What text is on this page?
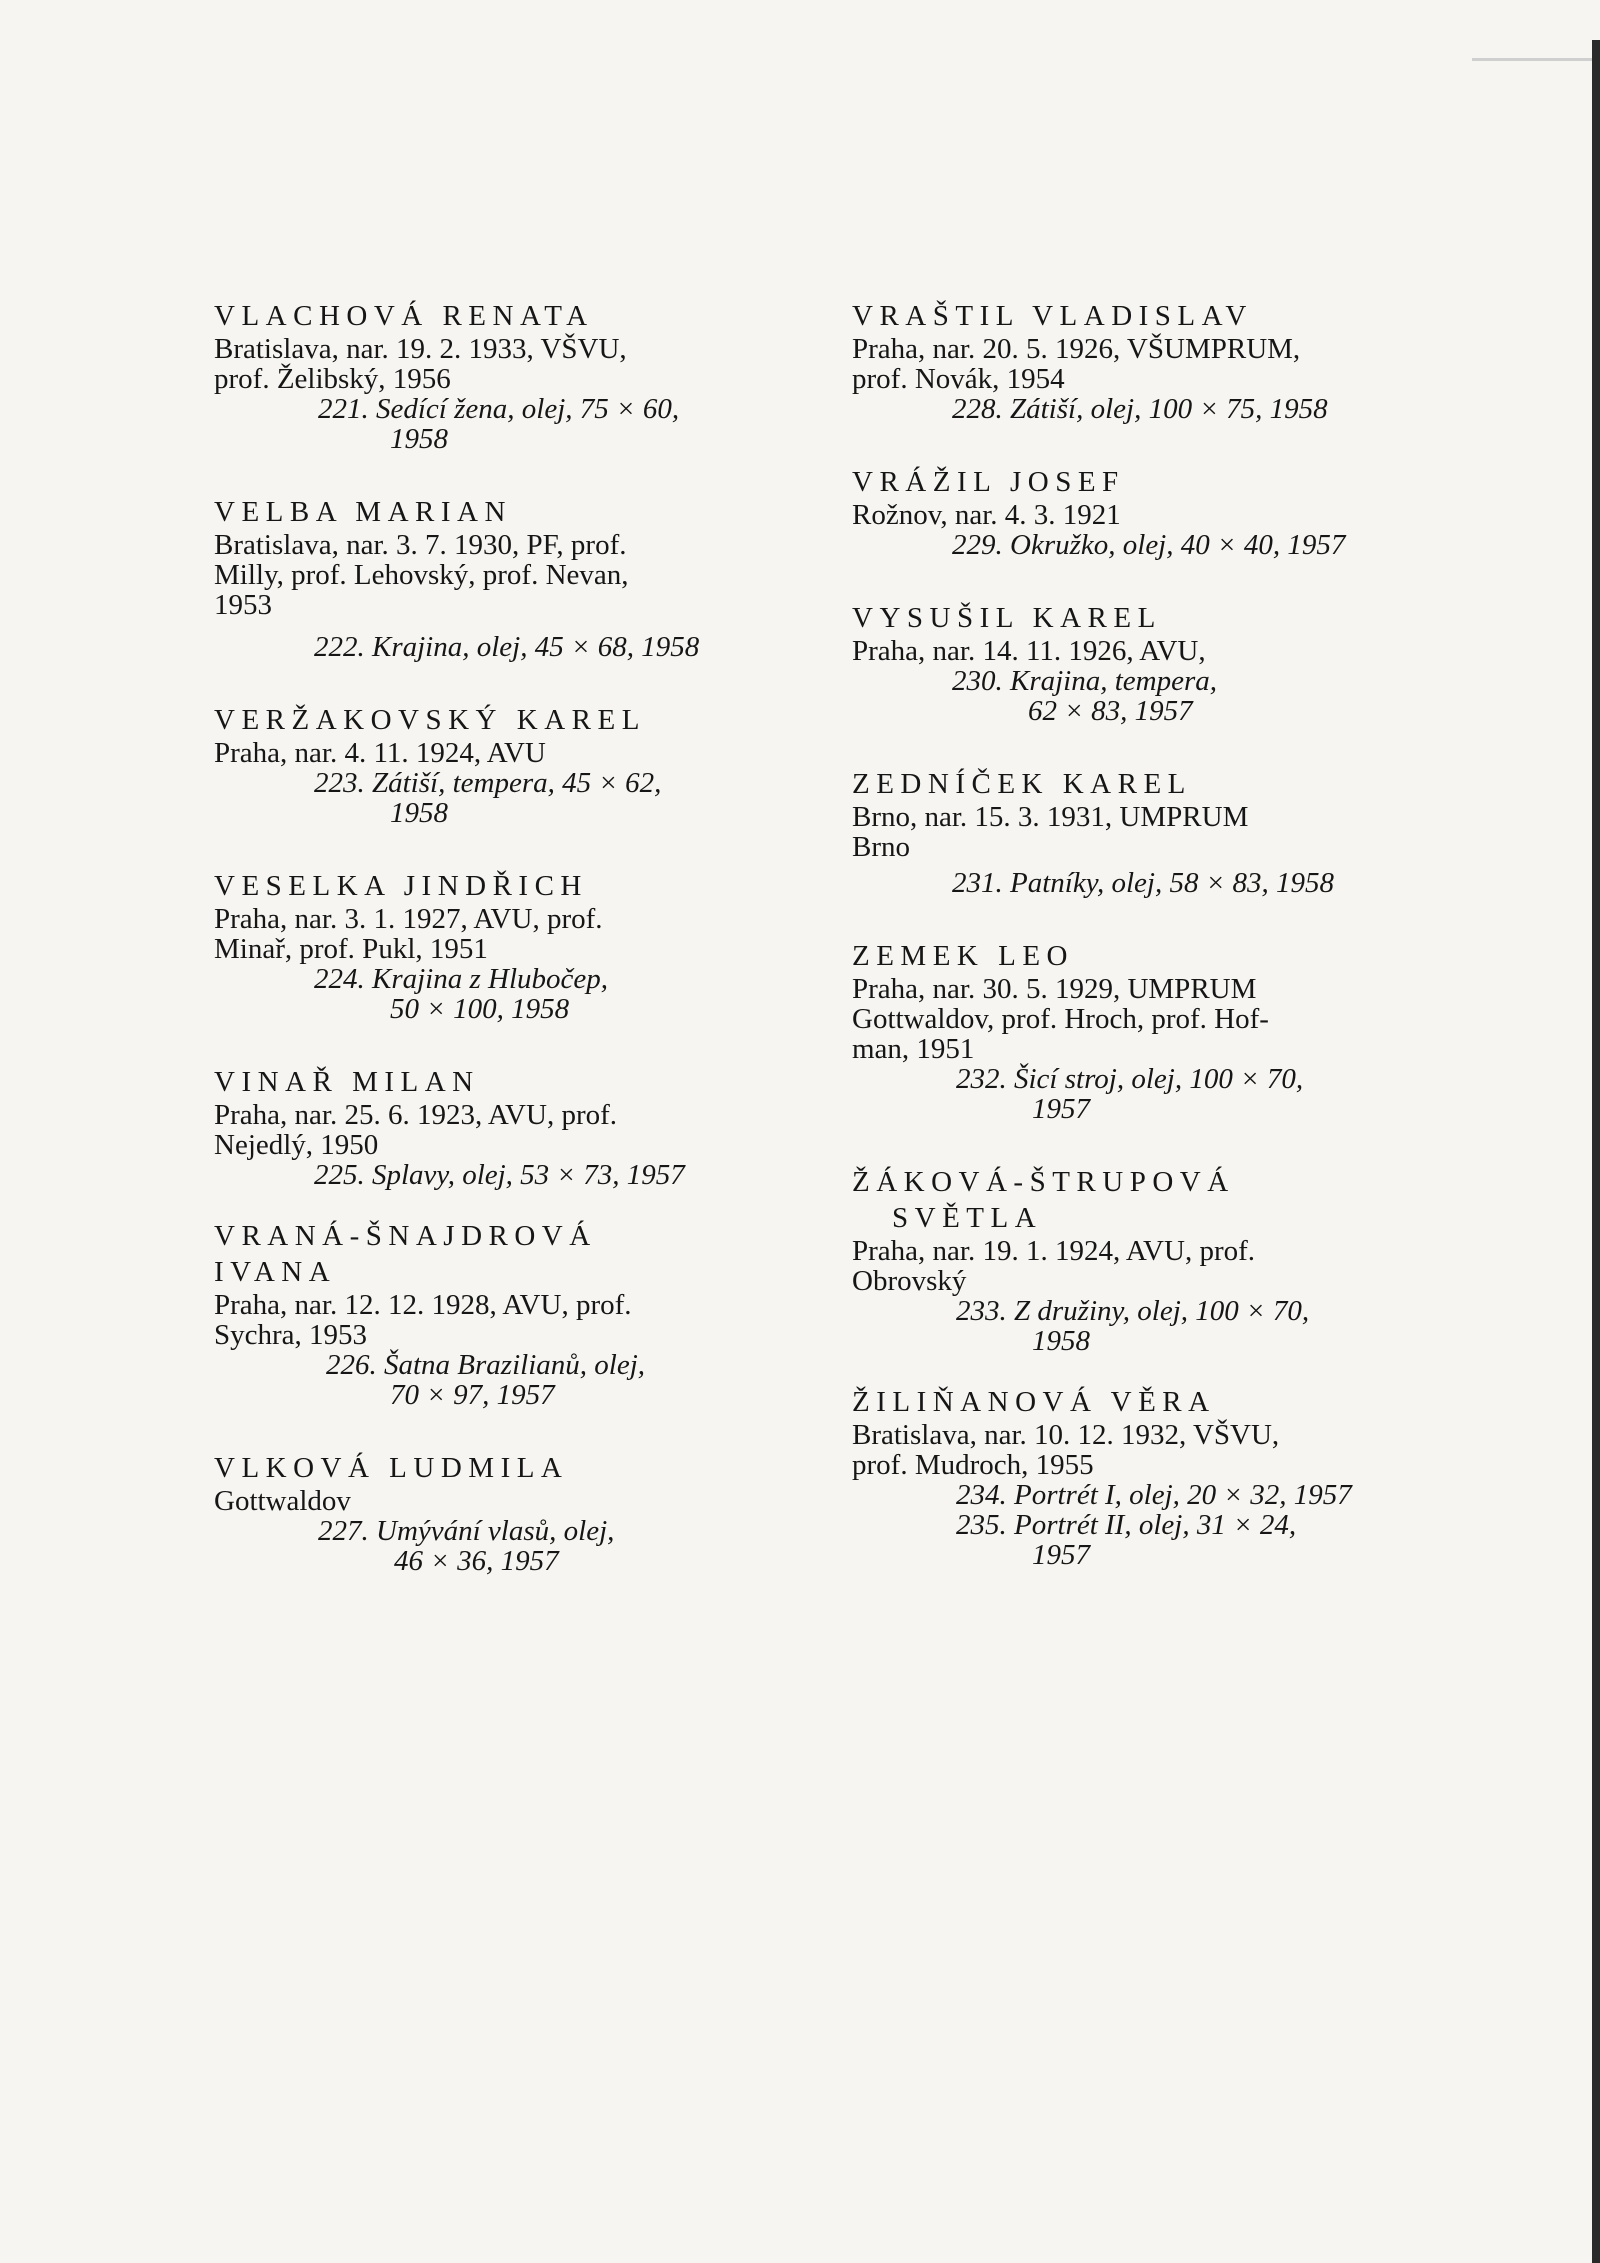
VLACHOVÁ RENATA

Bratislava, nar. 19. 2. 1933, VŠVU,

prof. Želibský, 1956

221. Sedící žena, olej, 75 × 60,

1958

VELBA MARIAN

Bratislava, nar. 3. 7. 1930, PF, prof.

Milly, prof. Lehovský, prof. Nevan,

1953

222. Krajina, olej, 45 × 68, 1958

VERŽAKOVSKÝ KAREL

Praha, nar. 4. 11. 1924, AVU

223. Zátiší, tempera, 45 × 62,

1958

VESELKA JINDŘICH

Praha, nar. 3. 1. 1927, AVU, prof.

Minař, prof. Pukl, 1951

224. Krajina z Hlubočep,

50 × 100, 1958

VINAŘ MILAN

Praha, nar. 25. 6. 1923, AVU, prof.

Nejedlý, 1950

225. Splavy, olej, 53 × 73, 1957

VRANÁ-ŠNAJDROVÁ

IVANA

Praha, nar. 12. 12. 1928, AVU, prof.

Sychra, 1953

226. Šatna Brazilianů, olej,

70 × 97, 1957

VLKOVÁ LUDMILA

Gottwaldov

227. Umývání vlasů, olej,

46 × 36, 1957

VRAŠTIL VLADISLAV

Praha, nar. 20. 5. 1926, VŠUMPRUM,

prof. Novák, 1954

228. Zátiší, olej, 100 × 75, 1958

VRÁŽIL JOSEF

Rožnov, nar. 4. 3. 1921

229. Okružko, olej, 40 × 40, 1957

VYSUŠIL KAREL

Praha, nar. 14. 11. 1926, AVU,

230. Krajina, tempera,

62 × 83, 1957

ZEDNÍČEK KAREL

Brno, nar. 15. 3. 1931, UMPRUM

Brno

231. Patníky, olej, 58 × 83, 1958

ZEMEK LEO

Praha, nar. 30. 5. 1929, UMPRUM

Gottwaldov, prof. Hroch, prof. Hof-

man, 1951

232. Šicí stroj, olej, 100 × 70,

1957

ŽÁKOVÁ-ŠTRUPOVÁ

SVĚTLA

Praha, nar. 19. 1. 1924, AVU, prof.

Obrovský

233. Z družiny, olej, 100 × 70,

1958

ŽILIŇANOVÁ VĚRA

Bratislava, nar. 10. 12. 1932, VŠVU,

prof. Mudroch, 1955

234. Portrét I, olej, 20 × 32, 1957

235. Portrét II, olej, 31 × 24,

1957
